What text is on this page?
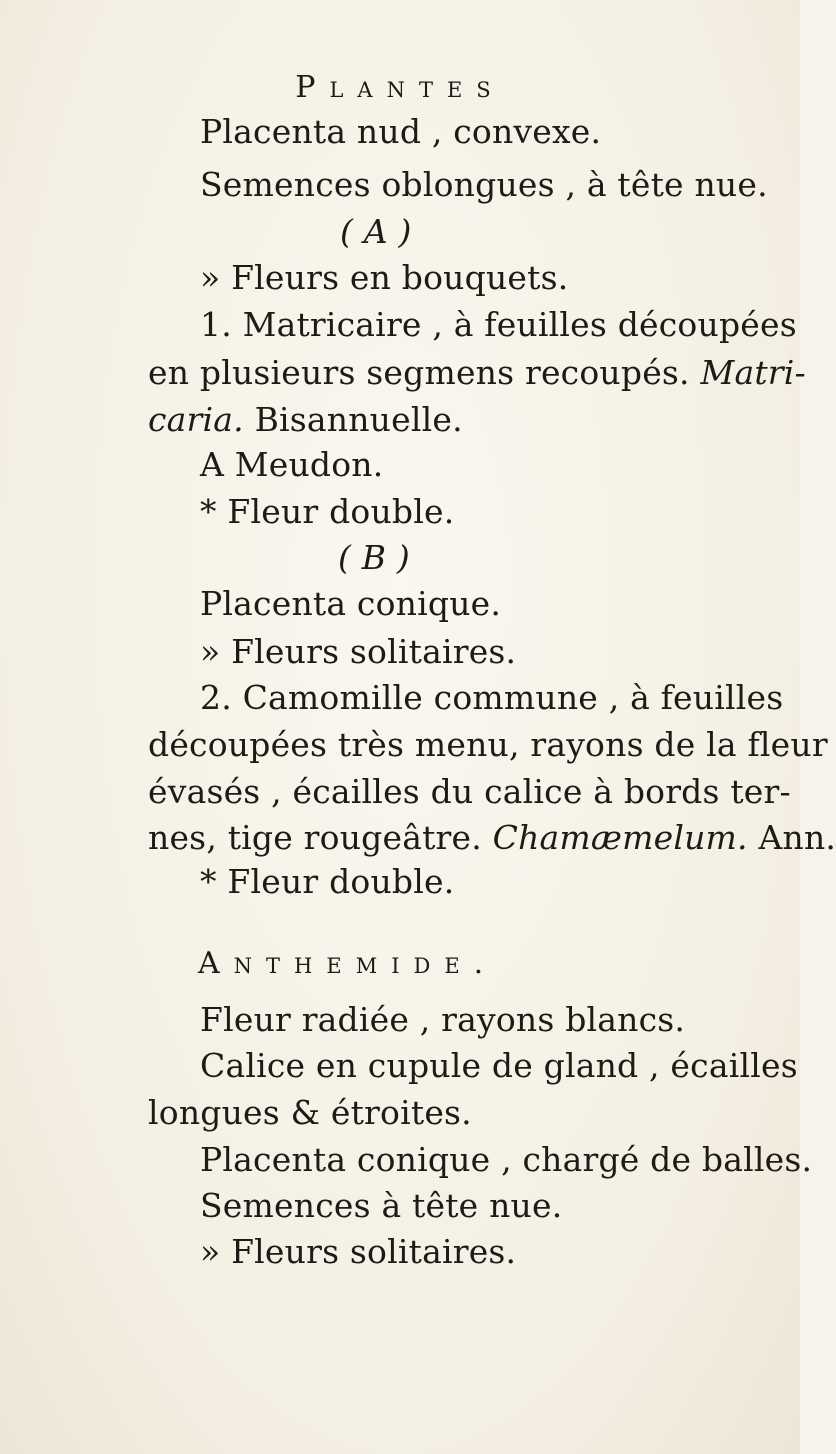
Plantes
Placenta nud , convexe.
Semences oblongues , à tête nue.
( A )
» Fleurs en bouquets.
1. Matricaire , à feuilles découpées
en plusieurs segmens recoupés. Matri-
caria. Bisannuelle.
A Meudon.
* Fleur double.
( B )
Placenta conique.
» Fleurs solitaires.
2. Camomille commune , à feuilles
découpées très menu, rayons de la fleur
évasés , écailles du calice à bords ter-
nes, tige rougeâtre. Chamæmelum. Ann.
* Fleur double.
Anthemide.
Fleur radiée , rayons blancs.
Calice en cupule de gland , écailles
longues & étroites.
Placenta conique , chargé de balles.
Semences à tête nue.
» Fleurs solitaires.
